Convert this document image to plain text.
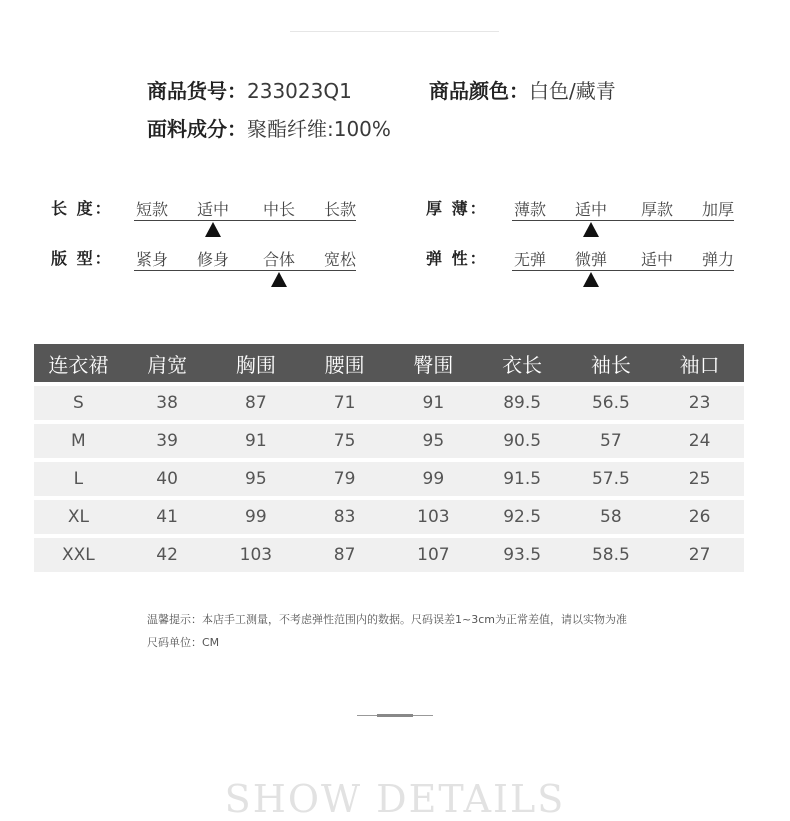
商品货号：233023Q1	商品颜色：白色/藏青
面料成分：聚酯纤维:100%
长 度：
版 型：
厚 薄：
弹 性：
短款 适中 中长 长款
紧身 修身 合体 宽松
薄款 适中 厚款 加厚
无弹 微弹 适中 弹力
连衣裙	肩宽	胸围	腰围	臀围	衣长	袖长	袖口
S	38	87	71	91	89.5	56.5	23
M	39	91	75	95	90.5	57	24
L	40	95	79	99	91.5	57.5	25
XL	41	99	83	103	92.5	58	26
XXL	42	103	87	107	93.5	58.5	27
温馨提示：本店手工测量，不考虑弹性范围内的数据。尺码误差1~3cm为正常差值，请以实物为准
尺码单位：CM
SHOW DETAILS
